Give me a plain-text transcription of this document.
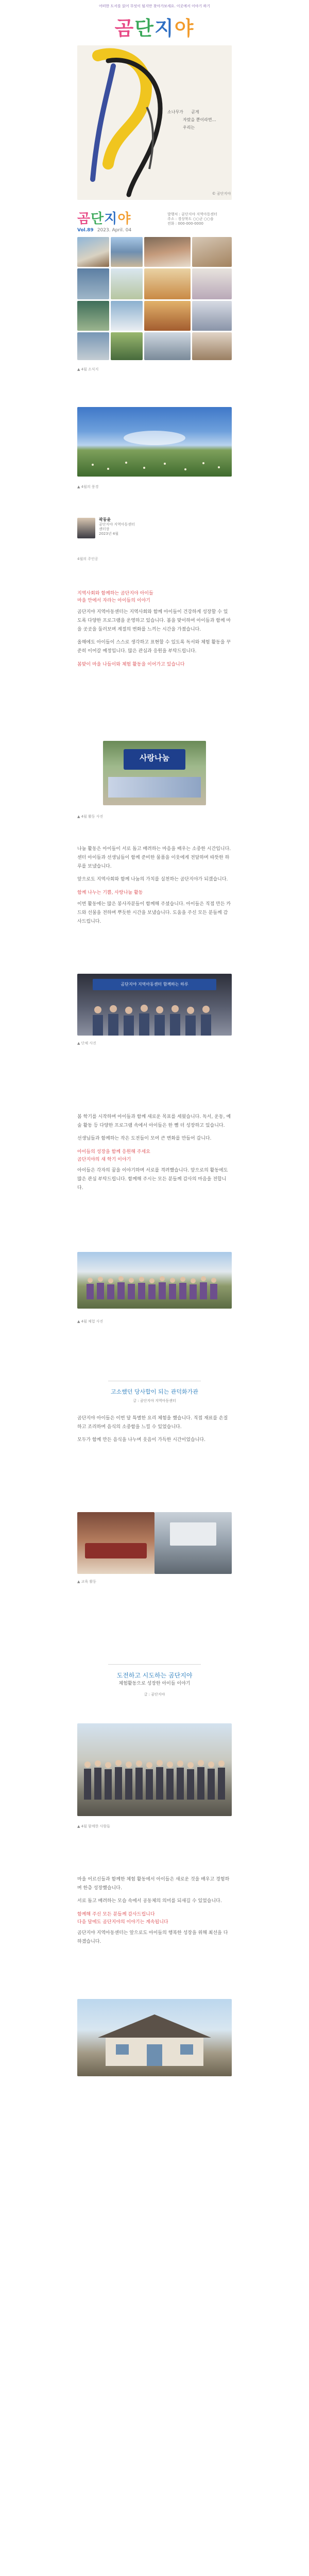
어떠한 도서를 읽어 무엇이 될지만 찾아가보세요. 이곳에서 이야기 하기
곰단지야
소나무가 곧게
자랐을 뿐이라면…
우리는
© 곰단지야
곰단지야
Vol.89 2023. April. 04
발행처 : 곰단지야 지역아동센터
주소 : 경상북도 ○○군 ○○읍
전화 : 000-000-0000
▲ 4월 소식지
▲ 4월의 풍경
곽동윤
곰단지야 지역아동센터
센터장
2023년 4월
4월의 주인공
지역사회와 함께하는 곰단지야 아이들
마을 안에서 자라는 아이들의 이야기

곰단지야 지역아동센터는 지역사회와 함께 아이들이 건강하게 성장할 수 있도록 다양한 프로그램을 운영하고 있습니다. 봄을 맞이하여 아이들과 함께 마을 곳곳을 둘러보며 계절의 변화를 느끼는 시간을 가졌습니다.

올해에도 아이들이 스스로 생각하고 표현할 수 있도록 독서와 체험 활동을 꾸준히 이어갈 예정입니다. 많은 관심과 응원을 부탁드립니다.

봄맞이 마을 나들이와 체험 활동을 이어가고 있습니다

사랑나눔
▲ 4월 활동 사진

나눔 활동은 아이들이 서로 돕고 배려하는 마음을 배우는 소중한 시간입니다. 센터 아이들과 선생님들이 함께 준비한 물품을 이웃에게 전달하며 따뜻한 하루를 보냈습니다.

앞으로도 지역사회와 함께 나눔의 가치를 실천하는 곰단지야가 되겠습니다.

함께 나누는 기쁨, 사랑나눔 활동

이번 활동에는 많은 봉사자분들이 함께해 주셨습니다. 아이들은 직접 만든 카드와 선물을 전하며 뿌듯한 시간을 보냈습니다. 도움을 주신 모든 분들께 감사드립니다.

곰단지야 지역아동센터 함께하는 하루
▲ 단체 사진

봄 학기를 시작하며 아이들과 함께 새로운 목표를 세웠습니다. 독서, 운동, 예술 활동 등 다양한 프로그램 속에서 아이들은 한 뼘 더 성장하고 있습니다.

선생님들과 함께하는 작은 도전들이 모여 큰 변화를 만들어 갑니다.

아이들의 성장을 함께 응원해 주세요
곰단지야의 새 학기 이야기

아이들은 각자의 꿈을 이야기하며 서로를 격려했습니다. 앞으로의 활동에도 많은 관심 부탁드립니다. 함께해 주시는 모든 분들께 감사의 마음을 전합니다.

▲ 4월 체험 사진
고소했던 당사합이 되는 관덕화가관
글 : 곰단지야 지역아동센터

곰단지야 아이들은 이번 달 특별한 요리 체험을 했습니다. 직접 재료를 손질하고 조리하며 음식의 소중함을 느낄 수 있었습니다.

모두가 함께 만든 음식을 나누며 웃음이 가득한 시간이었습니다.

▲ 교육 활동
도전하고 시도하는 곰단지야
체험활동으로 성장한 아이들 이야기
글 : 곰단지야
▲ 4월 함께한 사람들

마을 어르신들과 함께한 체험 활동에서 아이들은 새로운 것을 배우고 경험하며 한층 성장했습니다.

서로 돕고 배려하는 모습 속에서 공동체의 의미를 되새길 수 있었습니다.

함께해 주신 모든 분들께 감사드립니다
다음 달에도 곰단지야의 이야기는 계속됩니다

곰단지야 지역아동센터는 앞으로도 아이들의 행복한 성장을 위해 최선을 다하겠습니다.
